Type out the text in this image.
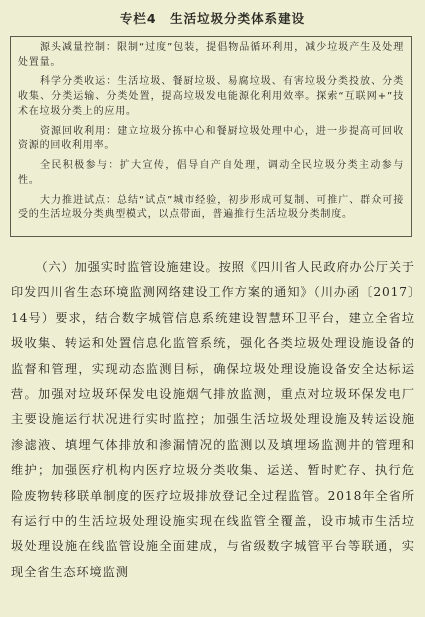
专栏4　生活垃圾分类体系建设

源头减量控制：限制“过度”包装，提倡物品循环利用，减少垃圾产生及处理处置量。

科学分类收运：生活垃圾、餐厨垃圾、易腐垃圾、有害垃圾分类投放、分类收集、分类运输、分类处置，提高垃圾发电能源化利用效率。探索“互联网+”技术在垃圾分类上的应用。

资源回收利用：建立垃圾分拣中心和餐厨垃圾处理中心，进一步提高可回收资源的回收利用率。

全民积极参与：扩大宣传，倡导自产自处理，调动全民垃圾分类主动参与性。

大力推进试点：总结“试点”城市经验，初步形成可复制、可推广、群众可接受的生活垃圾分类典型模式，以点带面，普遍推行生活垃圾分类制度。

（六）加强实时监管设施建设。按照《四川省人民政府办公厅关于印发四川省生态环境监测网络建设工作方案的通知》（川办函〔2017〕14号）要求，结合数字城管信息系统建设智慧环卫平台，建立全省垃圾收集、转运和处置信息化监管系统，强化各类垃圾处理设施设备的监督和管理，实现动态监测目标，确保垃圾处理设施设备安全达标运营。加强对垃圾环保发电设施烟气排放监测，重点对垃圾环保发电厂主要设施运行状况进行实时监控；加强生活垃圾处理设施及转运设施渗滤液、填埋气体排放和渗漏情况的监测以及填埋场监测井的管理和维护；加强医疗机构内医疗垃圾分类收集、运送、暂时贮存、执行危险废物转移联单制度的医疗垃圾排放登记全过程监管。2018年全省所有运行中的生活垃圾处理设施实现在线监管全覆盖，设市城市生活垃圾处理设施在线监管设施全面建成，与省级数字城管平台等联通，实现全省生态环境监测
